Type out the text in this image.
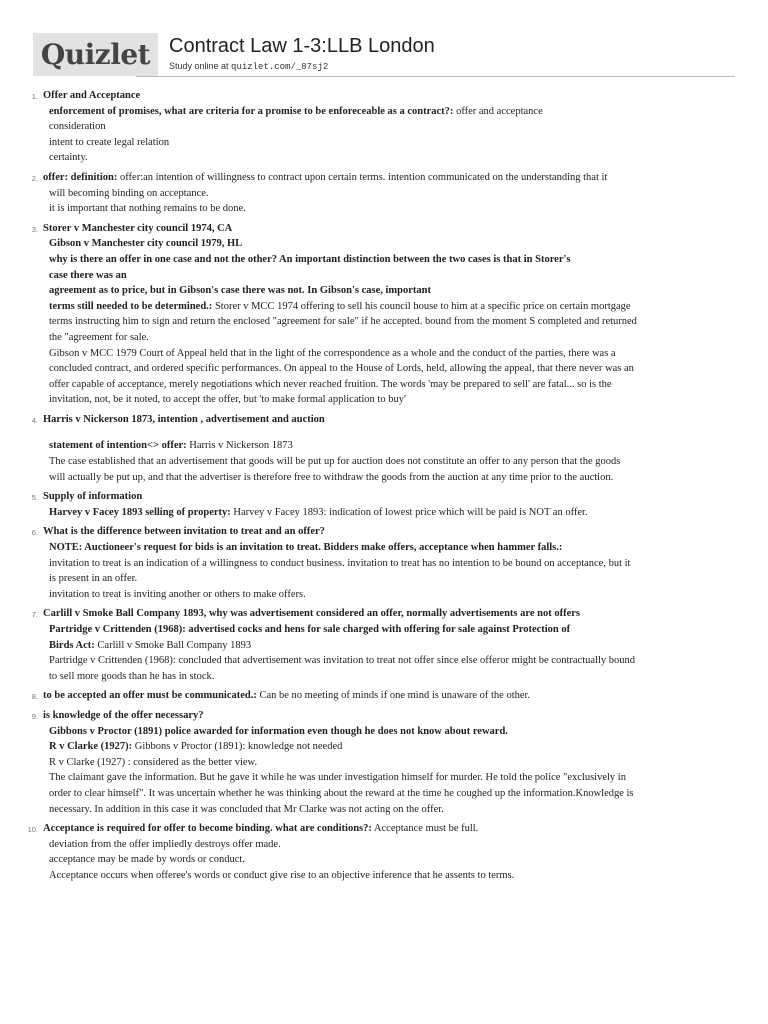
Quizlet Contract Law 1-3:LLB London
Study online at quizlet.com/_87sj2
1. Offer and Acceptance
enforcement of promises, what are criteria for a promise to be enforeceable as a contract?: offer and acceptance
consideration
intent to create legal relation
certainty.
2. offer: definition: offer:an intention of willingness to contract upon certain terms. intention communicated on the understanding that it
will becoming binding on acceptance.
it is important that nothing remains to be done.
3. Storer v Manchester city council 1974, CA
Gibson v Manchester city council 1979, HL
why is there an offer in one case and not the other? An important distinction between the two cases is that in Storer's
case there was an
agreement as to price, but in Gibson's case there was not. In Gibson's case, important
terms still needed to be determined.: Storer v MCC 1974 offering to sell his council house to him at a specific price on certain mortgage
terms instructing him to sign and return the enclosed "agreement for sale" if he accepted. bound from the moment S completed and returned
the "agreement for sale.
Gibson v MCC 1979 Court of Appeal held that in the light of the correspondence as a whole and the conduct of the parties, there was a
concluded contract, and ordered specific performances. On appeal to the House of Lords, held, allowing the appeal, that there never was an
offer capable of acceptance, merely negotiations which never reached fruition. The words 'may be prepared to sell' are fatal... so is the
invitation, not, be it noted, to accept the offer, but 'to make formal application to buy'
4. Harris v Nickerson 1873, intention , advertisement and auction
statement of intention<> offer: Harris v Nickerson 1873
The case established that an advertisement that goods will be put up for auction does not constitute an offer to any person that the goods
will actually be put up, and that the advertiser is therefore free to withdraw the goods from the auction at any time prior to the auction.
5. Supply of information
Harvey v Facey 1893 selling of property: Harvey v Facey 1893: indication of lowest price which will be paid is NOT an offer.
6. What is the difference between invitation to treat and an offer?
NOTE: Auctioneer's request for bids is an invitation to treat. Bidders make offers, acceptance when hammer falls.:
invitation to treat is an indication of a willingness to conduct business. invitation to treat has no intention to be bound on acceptance, but it
is present in an offer.
invitation to treat is inviting another or others to make offers.
7. Carlill v Smoke Ball Company 1893, why was advertisement considered an offer, normally advertisements are not offers
Partridge v Crittenden (1968): advertised cocks and hens for sale charged with offering for sale against Protection of
Birds Act: Carlill v Smoke Ball Company 1893
Partridge v Crittenden (1968): concluded that advertisement was invitation to treat not offer since else offeror might be contractually bound
to sell more goods than he has in stock.
8. to be accepted an offer must be communicated.: Can be no meeting of minds if one mind is unaware of the other.
9. is knowledge of the offer necessary?
Gibbons v Proctor (1891) police awarded for information even though he does not know about reward.
R v Clarke (1927): Gibbons v Proctor (1891): knowledge not needed
R v Clarke (1927) : considered as the better view.
The claimant gave the information. But he gave it while he was under investigation himself for murder. He told the police "exclusively in
order to clear himself". It was uncertain whether he was thinking about the reward at the time he coughed up the information.Knowledge is
necessary. In addition in this case it was concluded that Mr Clarke was not acting on the offer.
10. Acceptance is required for offer to become binding. what are conditions?: Acceptance must be full.
deviation from the offer impliedly destroys offer made.
acceptance may be made by words or conduct.
Acceptance occurs when offeree's words or conduct give rise to an objective inference that he assents to terms.
